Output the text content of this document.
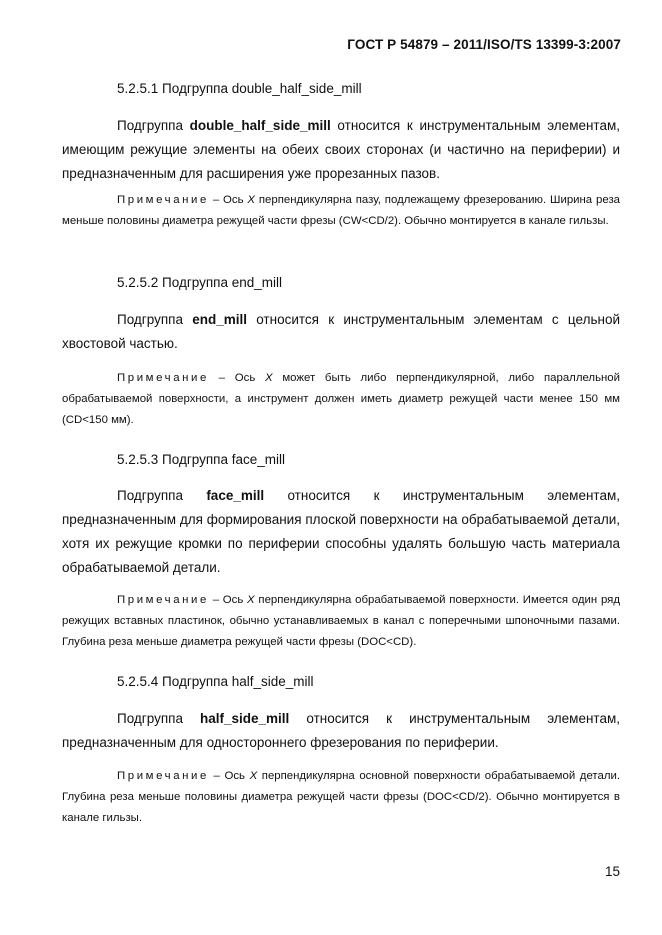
ГОСТ Р 54879 – 2011/ISO/TS 13399-3:2007
5.2.5.1 Подгруппа double_half_side_mill
Подгруппа double_half_side_mill относится к инструментальным элементам, имеющим режущие элементы на обеих своих сторонах (и частично на периферии) и предназначенным для расширения уже прорезанных пазов.
Примечание – Ось X перпендикулярна пазу, подлежащему фрезерованию. Ширина реза меньше половины диаметра режущей части фрезы (CW<CD/2). Обычно монтируется в канале гильзы.
5.2.5.2 Подгруппа end_mill
Подгруппа end_mill относится к инструментальным элементам с цельной хвостовой частью.
Примечание – Ось X может быть либо перпендикулярной, либо параллельной обрабатываемой поверхности, а инструмент должен иметь диаметр режущей части менее 150 мм (CD<150 мм).
5.2.5.3 Подгруппа face_mill
Подгруппа face_mill относится к инструментальным элементам, предназначенным для формирования плоской поверхности на обрабатываемой детали, хотя их режущие кромки по периферии способны удалять большую часть материала обрабатываемой детали.
Примечание – Ось X перпендикулярна обрабатываемой поверхности. Имеется один ряд режущих вставных пластинок, обычно устанавливаемых в канал с поперечными шпоночными пазами. Глубина реза меньше диаметра режущей части фрезы (DOC<CD).
5.2.5.4 Подгруппа half_side_mill
Подгруппа half_side_mill относится к инструментальным элементам, предназначенным для одностороннего фрезерования по периферии.
Примечание – Ось X перпендикулярна основной поверхности обрабатываемой детали. Глубина реза меньше половины диаметра режущей части фрезы (DOC<CD/2). Обычно монтируется в канале гильзы.
15
